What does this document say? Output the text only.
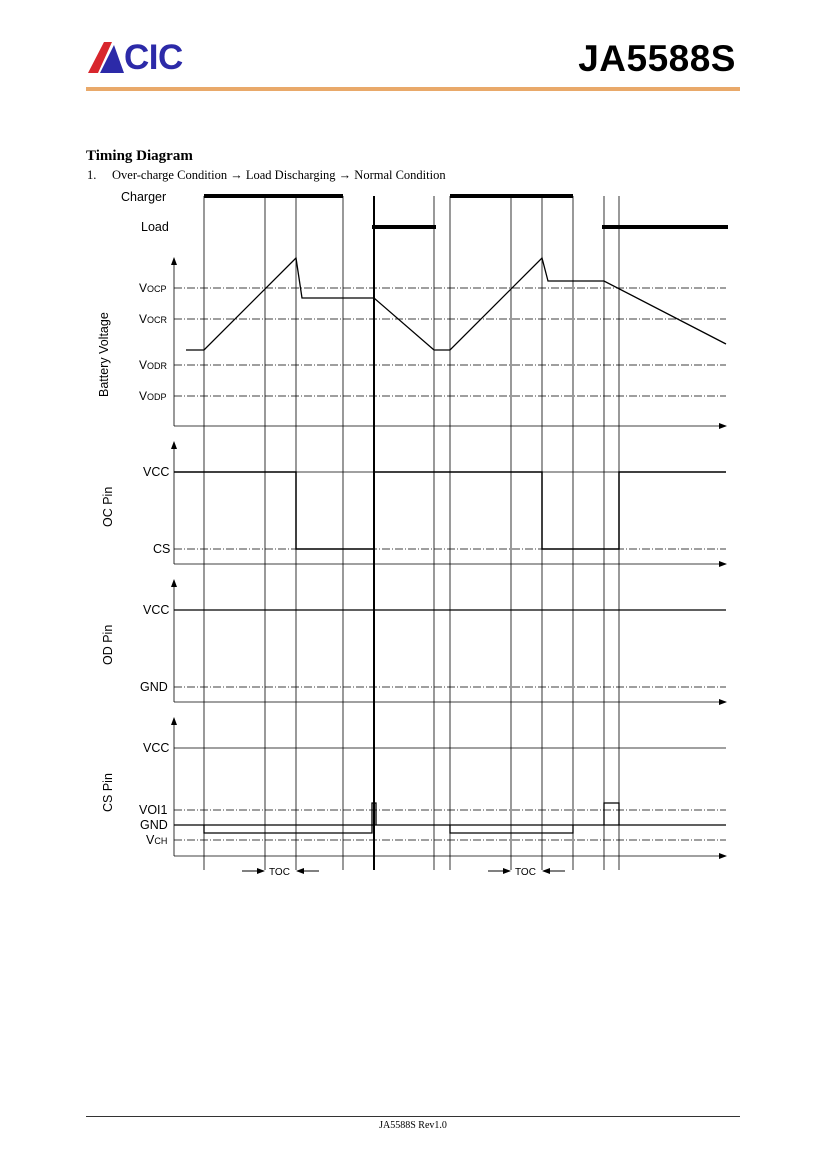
CIC	JA5588S
Timing Diagram
1. Over-charge Condition → Load Discharging → Normal Condition
Charger
Load
VOCP
VOCR
VODR
VODP
Battery Voltage
VCC
CS
OC Pin
VCC
GND
OD Pin
VCC
VOI1
GND
VCH
CS Pin
TOC	TOC
JA5588S Rev1.0
